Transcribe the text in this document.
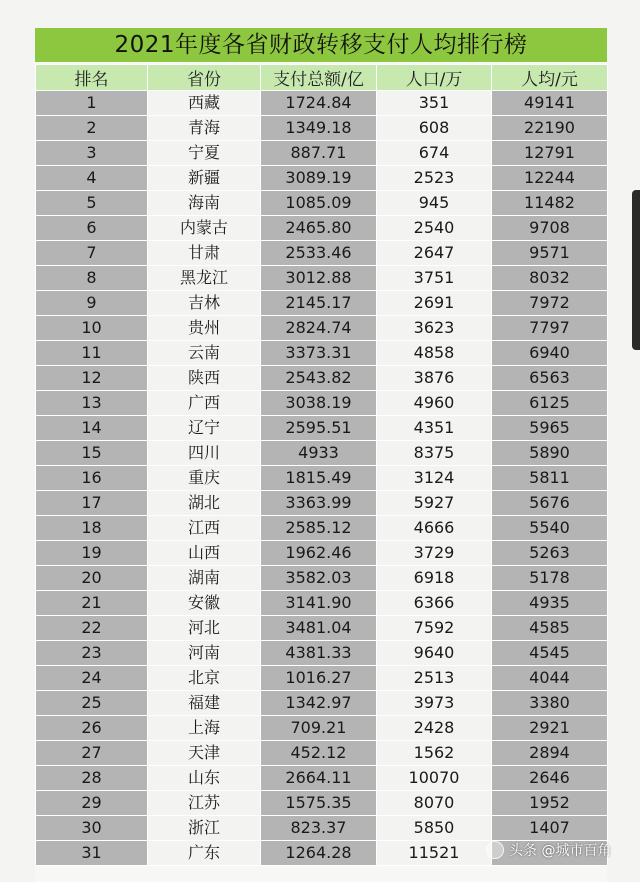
2021年度各省财政转移支付人均排行榜
排名	省份	支付总额/亿	人口/万	人均/元
1	西藏	1724.84	351	49141
2	青海	1349.18	608	22190
3	宁夏	887.71	674	12791
4	新疆	3089.19	2523	12244
5	海南	1085.09	945	11482
6	内蒙古	2465.80	2540	9708
7	甘肃	2533.46	2647	9571
8	黑龙江	3012.88	3751	8032
9	吉林	2145.17	2691	7972
10	贵州	2824.74	3623	7797
11	云南	3373.31	4858	6940
12	陕西	2543.82	3876	6563
13	广西	3038.19	4960	6125
14	辽宁	2595.51	4351	5965
15	四川	4933	8375	5890
16	重庆	1815.49	3124	5811
17	湖北	3363.99	5927	5676
18	江西	2585.12	4666	5540
19	山西	1962.46	3729	5263
20	湖南	3582.03	6918	5178
21	安徽	3141.90	6366	4935
22	河北	3481.04	7592	4585
23	河南	4381.33	9640	4545
24	北京	1016.27	2513	4044
25	福建	1342.97	3973	3380
26	上海	709.21	2428	2921
27	天津	452.12	1562	2894
28	山东	2664.11	10070	2646
29	江苏	1575.35	8070	1952
30	浙江	823.37	5850	1407
31	广东	1264.28	11521		头条 @城市百角
